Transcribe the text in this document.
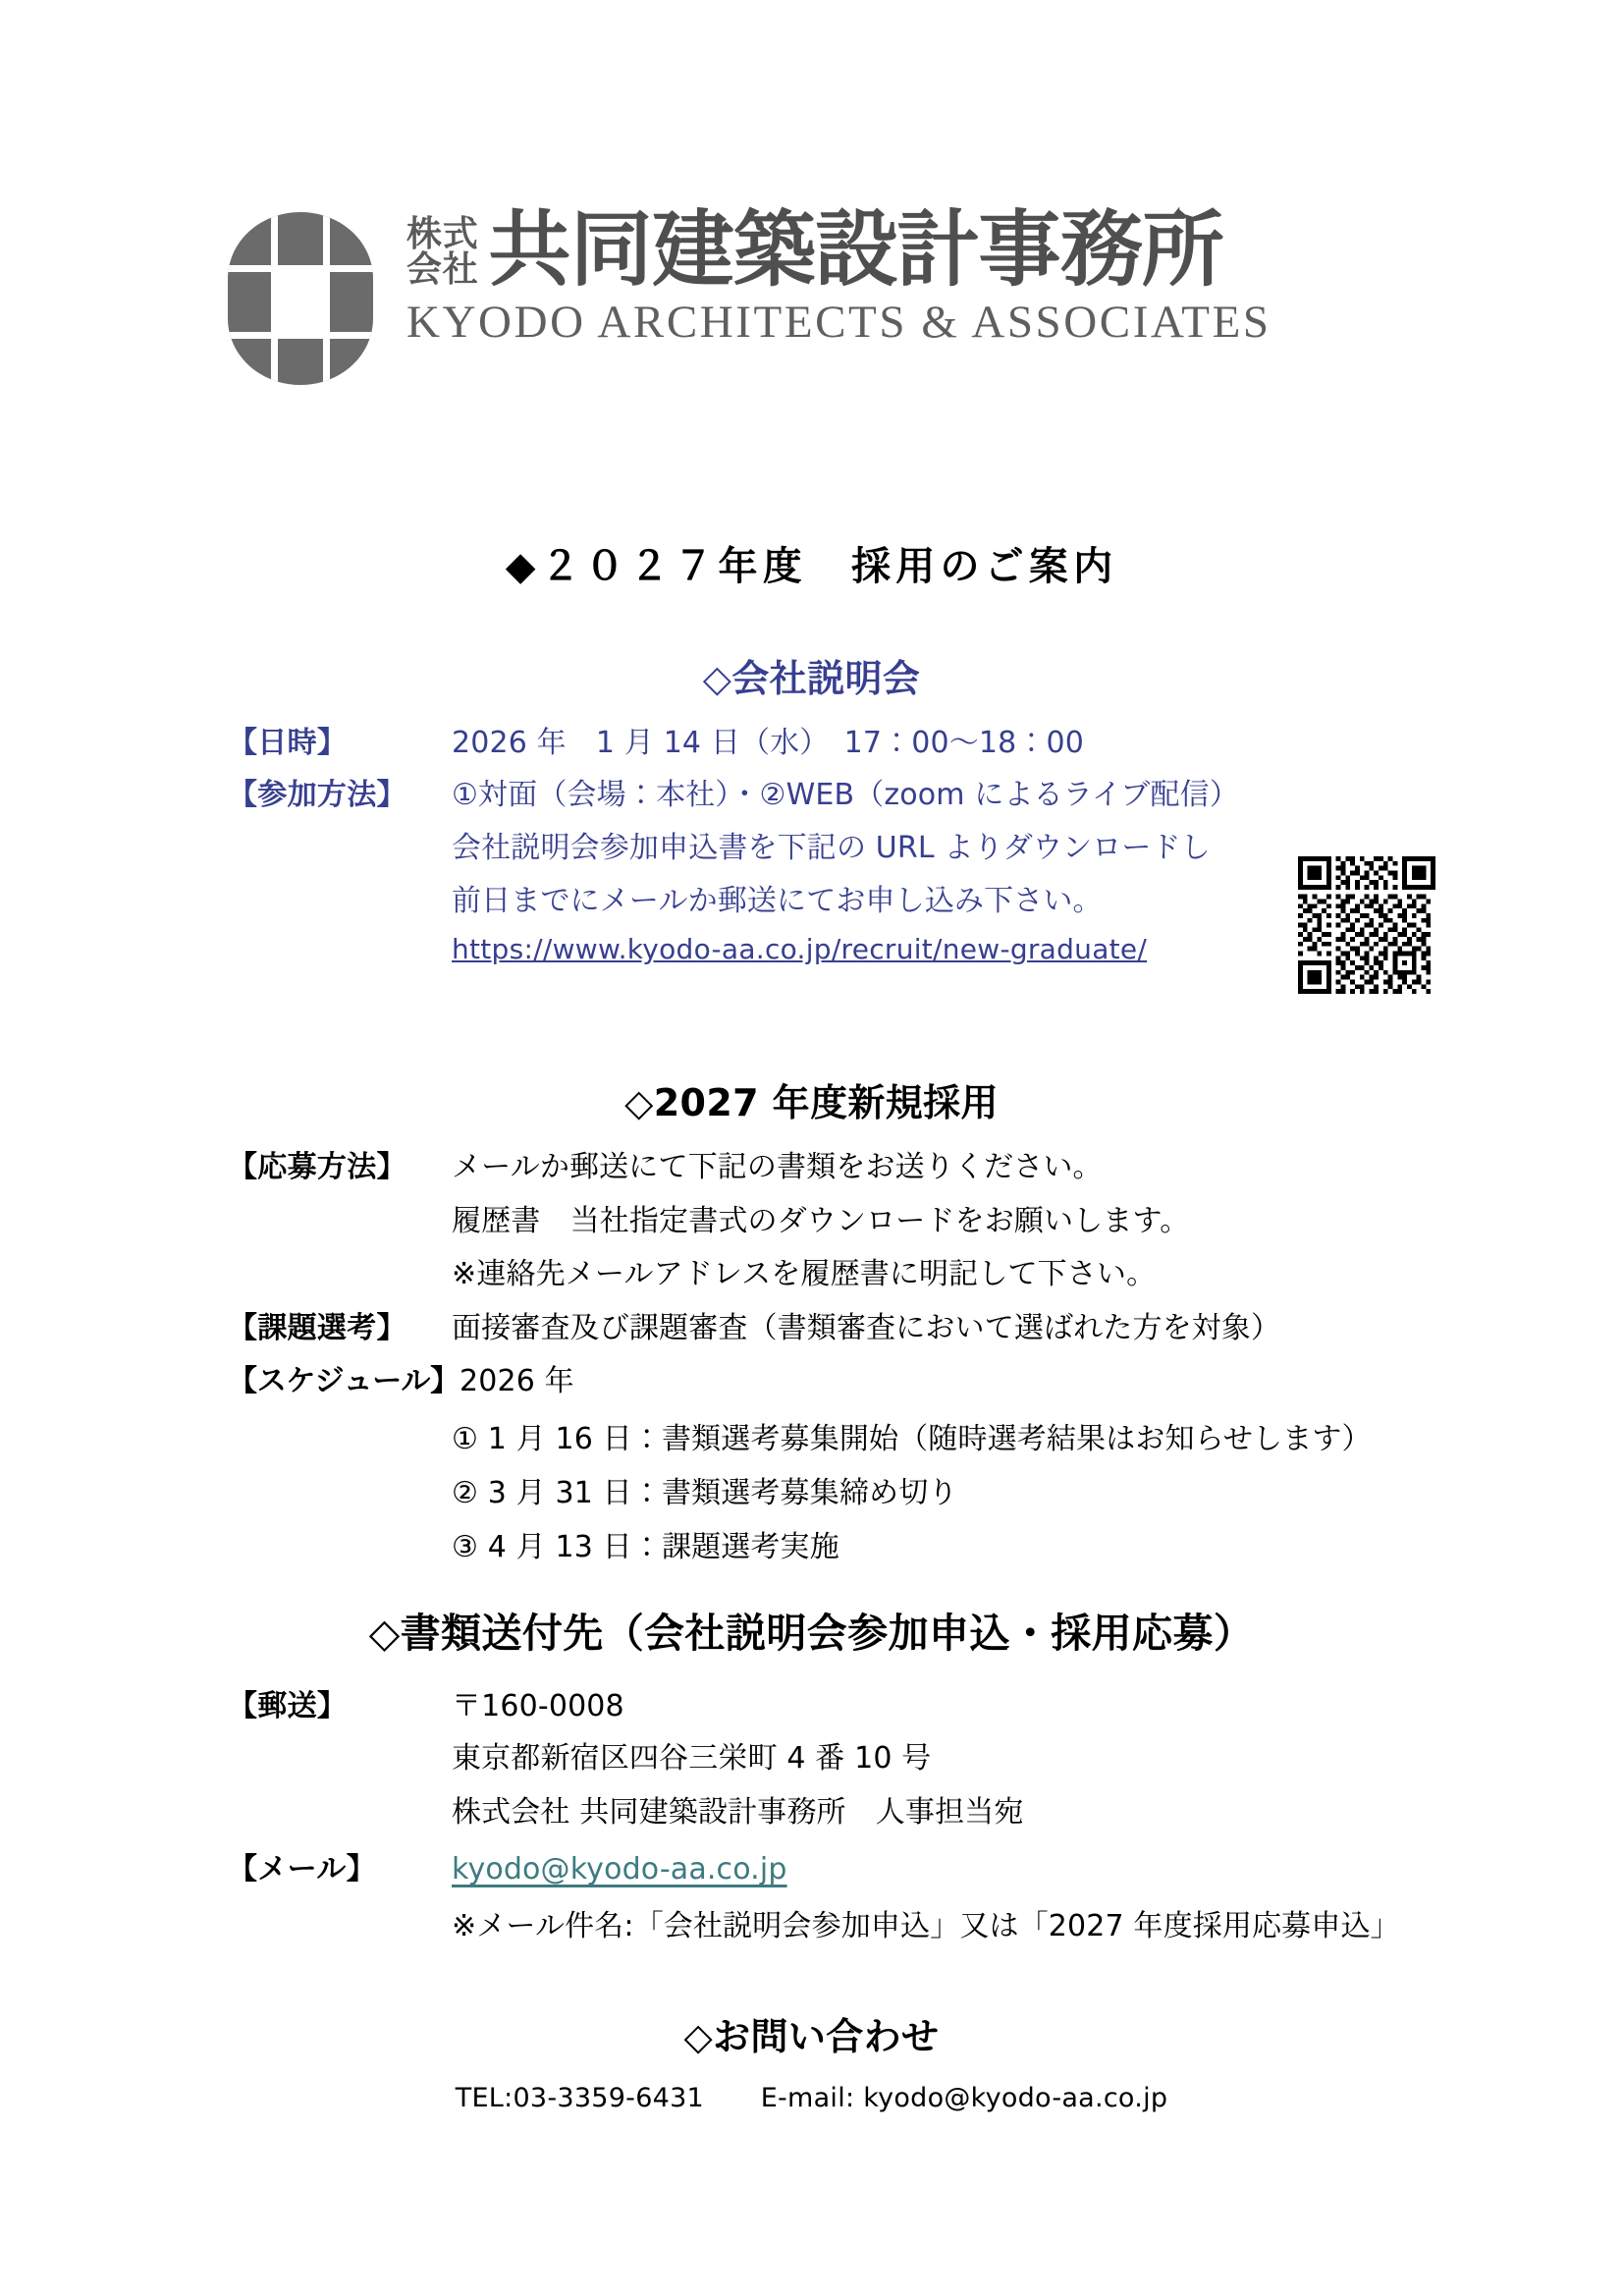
株式
会社 共同建築設計事務所
KYODO ARCHITECTS & ASSOCIATES
◆２０２７年度　採用のご案内
◇会社説明会
【日時】	2026 年　1 月 14 日（水）　17：00〜18：00
【参加方法】	①対面（会場：本社）・②WEB（zoom によるライブ配信）
会社説明会参加申込書を下記の URL よりダウンロードし
前日までにメールか郵送にてお申し込み下さい。
https://www.kyodo-aa.co.jp/recruit/new-graduate/
◇2027 年度新規採用
【応募方法】	メールか郵送にて下記の書類をお送りください。
履歴書　当社指定書式のダウンロードをお願いします。
※連絡先メールアドレスを履歴書に明記して下さい。
【課題選考】	面接審査及び課題審査（書類審査において選ばれた方を対象）
【スケジュール】 2026 年
① 1 月 16 日：書類選考募集開始（随時選考結果はお知らせします）
② 3 月 31 日：書類選考募集締め切り
③ 4 月 13 日：課題選考実施
◇書類送付先（会社説明会参加申込・採用応募）
【郵送】	〒160-0008
東京都新宿区四谷三栄町 4 番 10 号
株式会社 共同建築設計事務所　人事担当宛
【メール】	kyodo@kyodo-aa.co.jp
※メール件名:「会社説明会参加申込」又は「2027 年度採用応募申込」
◇お問い合わせ
TEL:03-3359-6431 E-mail: kyodo@kyodo-aa.co.jp
